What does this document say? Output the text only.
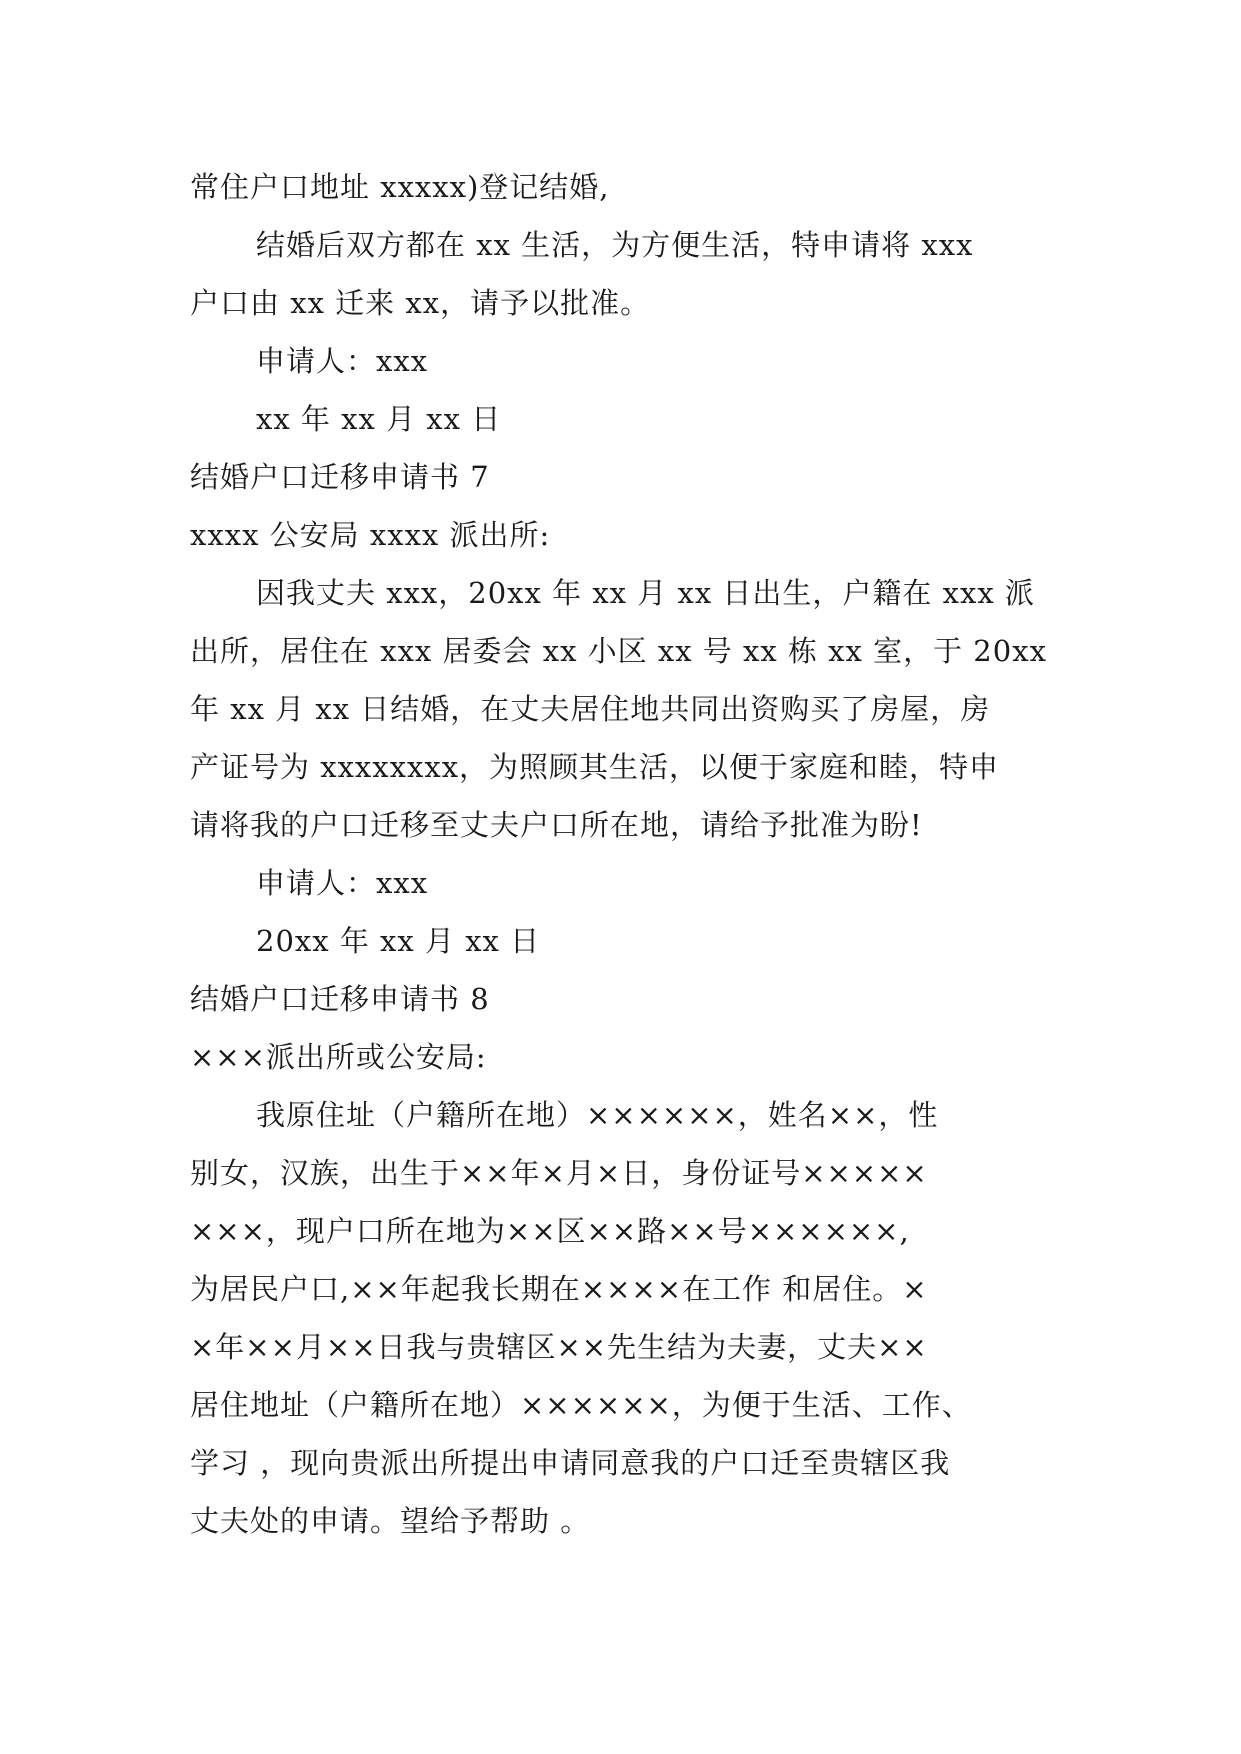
常住户口地址 xxxxx)登记结婚,
结婚后双方都在 xx 生活，为方便生活，特申请将 xxx
户口由 xx 迁来 xx，请予以批准。
申请人：xxx
xx 年 xx 月 xx 日
结婚户口迁移申请书 7
xxxx 公安局 xxxx 派出所:
因我丈夫 xxx，20xx 年 xx 月 xx 日出生，户籍在 xxx 派
出所，居住在 xxx 居委会 xx 小区 xx 号 xx 栋 xx 室，于 20xx
年 xx 月 xx 日结婚，在丈夫居住地共同出资购买了房屋，房
产证号为 xxxxxxxx，为照顾其生活，以便于家庭和睦，特申
请将我的户口迁移至丈夫户口所在地，请给予批准为盼!
申请人：xxx
20xx 年 xx 月 xx 日
结婚户口迁移申请书 8
×××派出所或公安局:
我原住址（户籍所在地）××××××，姓名××，性
别女，汉族，出生于××年×月×日，身份证号×××××
×××，现户口所在地为××区××路××号××××××,
为居民户口,××年起我长期在××××在工作 和居住。×
×年××月××日我与贵辖区××先生结为夫妻，丈夫××
居住地址（户籍所在地）××××××，为便于生活、工作、
学习 ，现向贵派出所提出申请同意我的户口迁至贵辖区我
丈夫处的申请。望给予帮助 。
